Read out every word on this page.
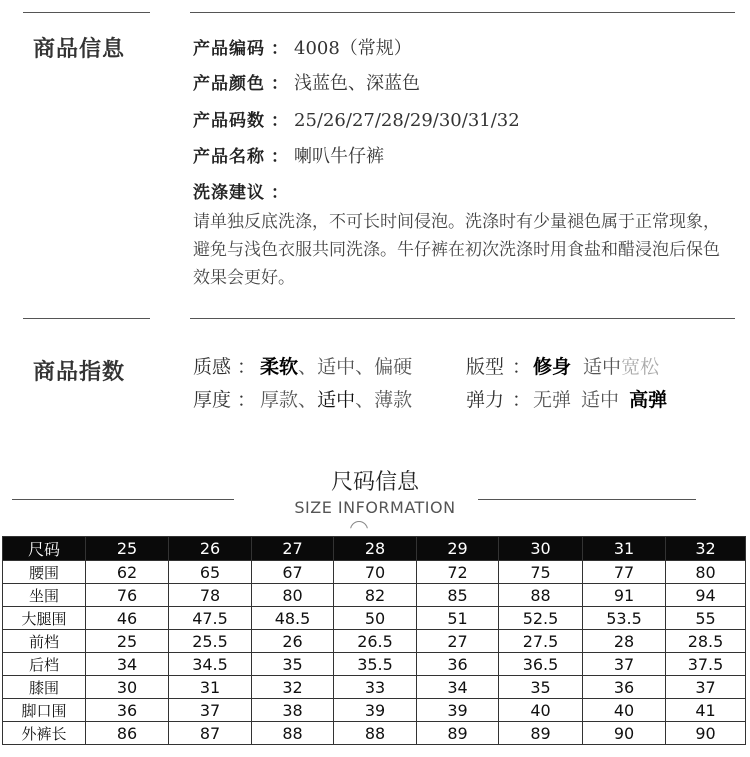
商品信息	产品编码 ： 4008（常规）
产品颜色 ： 浅蓝色、深蓝色
产品码数 ： 25/26/27/28/29/30/31/32
产品名称 ： 喇叭牛仔裤
洗涤建议 ：
请单独反底洗涤，不可长时间侵泡。洗涤时有少量褪色属于正常现象，避免与浅色衣服共同洗涤。牛仔裤在初次洗涤时用食盐和醋浸泡后保色效果会更好。
商品指数	质感 ： 柔软、适中、偏硬
厚度 ： 厚款、适中、薄款
版型 ： 修身 适中宽松
弹力 ： 无弹 适中 高弹
尺码信息
SIZE INFORMATION
尺码	25	26	27	28	29	30	31	32
腰围	62	65	67	70	72	75	77	80
坐围	76	78	80	82	85	88	91	94
大腿围	46	47.5	48.5	50	51	52.5	53.5	55
前档	25	25.5	26	26.5	27	27.5	28	28.5
后档	34	34.5	35	35.5	36	36.5	37	37.5
膝围	30	31	32	33	34	35	36	37
脚口围	36	37	38	39	39	40	40	41
外裤长	86	87	88	88	89	89	90	90
